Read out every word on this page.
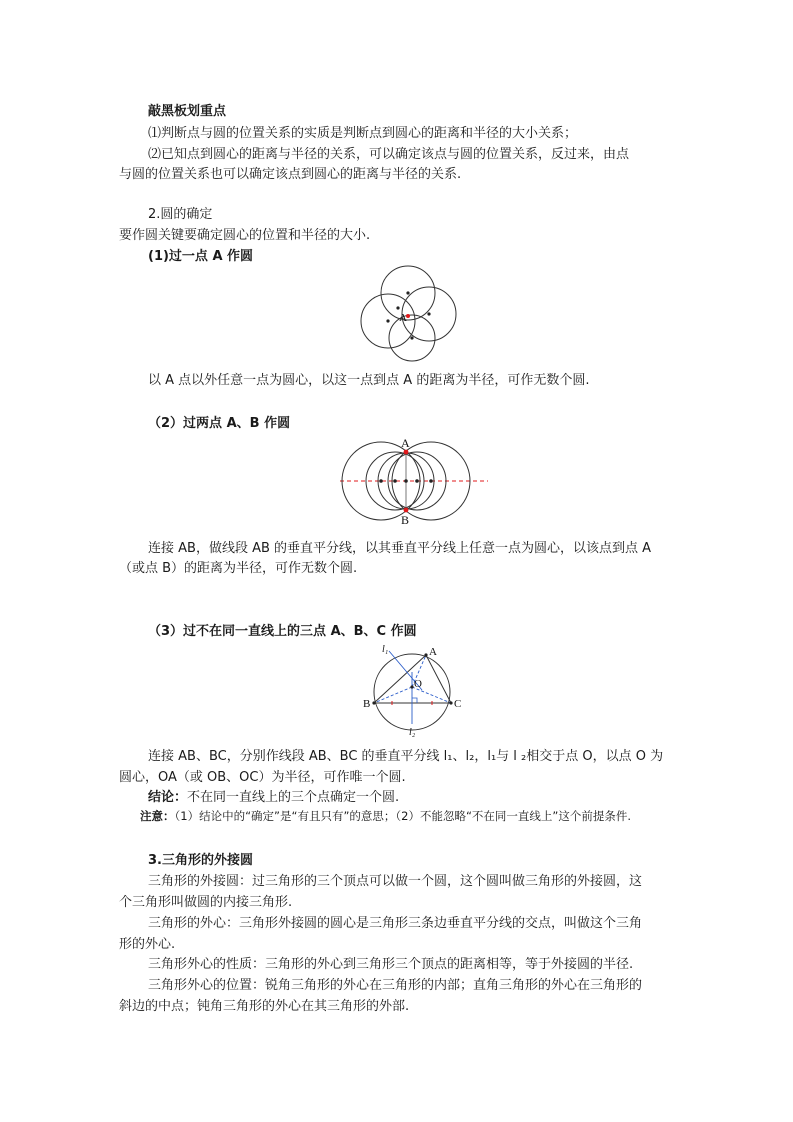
敲黑板划重点
⑴判断点与圆的位置关系的实质是判断点到圆心的距离和半径的大小关系；
⑵已知点到圆心的距离与半径的关系，可以确定该点与圆的位置关系，反过来，由点
与圆的位置关系也可以确定该点到圆心的距离与半径的关系.
2.圆的确定
要作圆关键要确定圆心的位置和半径的大小.
(1)过一点 A 作圆
A
以 A 点以外任意一点为圆心，以这一点到点 A 的距离为半径，可作无数个圆.
（2）过两点 A、B 作圆
A
B
连接 AB，做线段 AB 的垂直平分线，以其垂直平分线上任意一点为圆心，以该点到点 A
（或点 B）的距离为半径，可作无数个圆.
（3）过不在同一直线上的三点 A、B、C 作圆
A
B	C
O
l₁
l₂
连接 AB、BC，分别作线段 AB、BC 的垂直平分线 l₁、l₂，l₁与 l ₂相交于点 O，以点 O 为
圆心，OA（或 OB、OC）为半径，可作唯一个圆.
结论：不在同一直线上的三个点确定一个圆.
注意：（1）结论中的“确定”是“有且只有”的意思；（2）不能忽略“不在同一直线上”这个前提条件.
3.三角形的外接圆
三角形的外接圆：过三角形的三个顶点可以做一个圆，这个圆叫做三角形的外接圆，这
个三角形叫做圆的内接三角形.
三角形的外心：三角形外接圆的圆心是三角形三条边垂直平分线的交点，叫做这个三角
形的外心.
三角形外心的性质：三角形的外心到三角形三个顶点的距离相等，等于外接圆的半径.
三角形外心的位置：锐角三角形的外心在三角形的内部；直角三角形的外心在三角形的
斜边的中点；钝角三角形的外心在其三角形的外部.
